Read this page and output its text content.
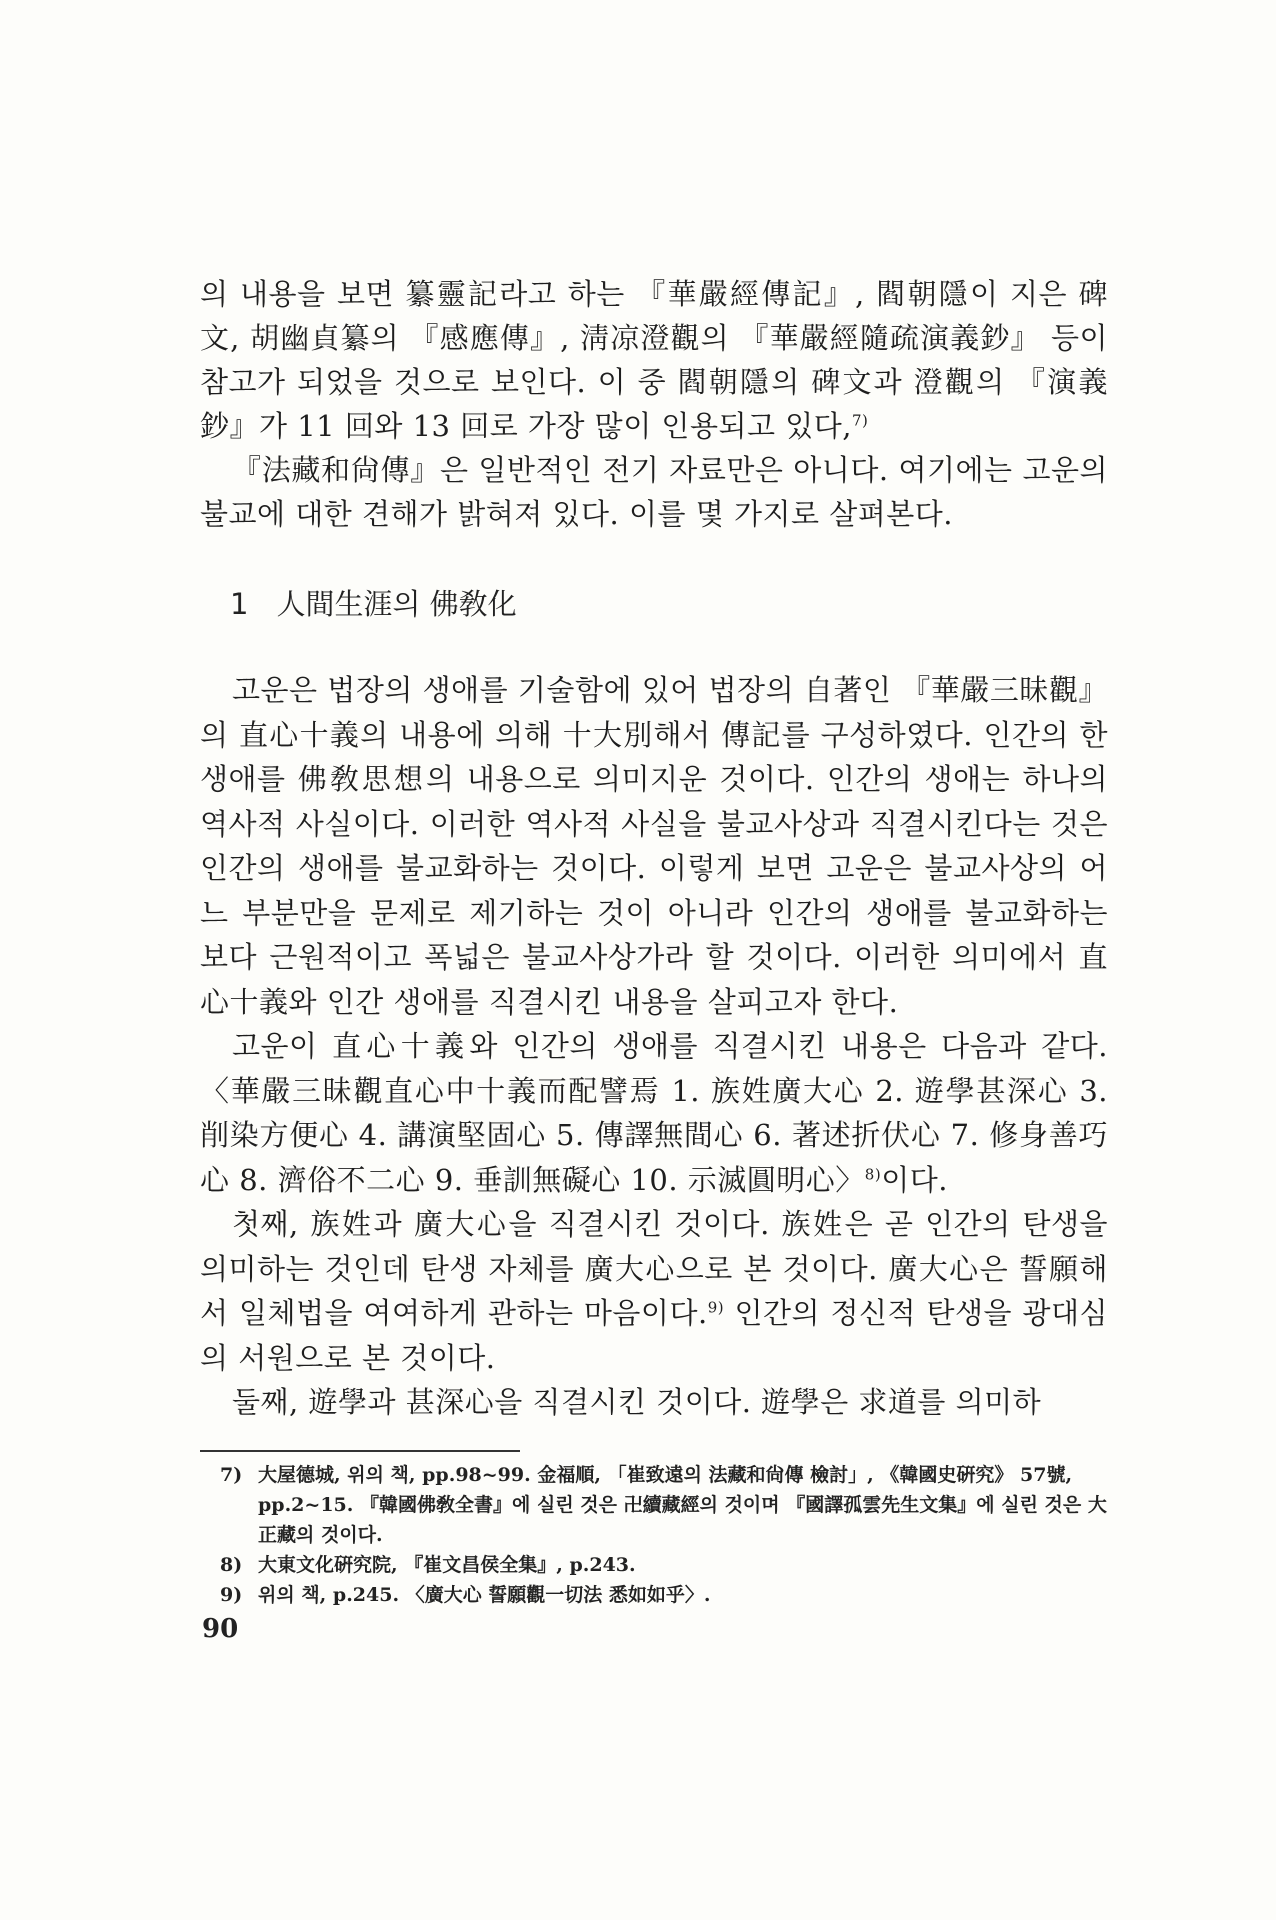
의 내용을 보면 纂靈記라고 하는 『華嚴經傳記』, 閻朝隱이 지은 碑文, 胡幽貞纂의 『感應傳』, 淸凉澄觀의 『華嚴經隨疏演義鈔』 등이 참고가 되었을 것으로 보인다. 이 중 閻朝隱의 碑文과 澄觀의 『演義鈔』가 11 回와 13 回로 가장 많이 인용되고 있다,$^{7)}$

『法藏和尙傳』은 일반적인 전기 자료만은 아니다. 여기에는 고운의 불교에 대한 견해가 밝혀져 있다. 이를 몇 가지로 살펴본다.

1 人間生涯의 佛敎化

고운은 법장의 생애를 기술함에 있어 법장의 自著인 『華嚴三昧觀』의 直心十義의 내용에 의해 十大別해서 傳記를 구성하였다. 인간의 한 생애를 佛敎思想의 내용으로 의미지운 것이다. 인간의 생애는 하나의 역사적 사실이다. 이러한 역사적 사실을 불교사상과 직결시킨다는 것은 인간의 생애를 불교화하는 것이다. 이렇게 보면 고운은 불교사상의 어느 부분만을 문제로 제기하는 것이 아니라 인간의 생애를 불교화하는 보다 근원적이고 폭넓은 불교사상가라 할 것이다. 이러한 의미에서 直心十義와 인간 생애를 직결시킨 내용을 살피고자 한다.

고운이 直心十義와 인간의 생애를 직결시킨 내용은 다음과 같다. 〈華嚴三昧觀直心中十義而配譬焉 1. 族姓廣大心 2. 遊學甚深心 3. 削染方便心 4. 講演堅固心 5. 傳譯無間心 6. 著述折伏心 7. 修身善巧心 8. 濟俗不二心 9. 垂訓無礙心 10. 示滅圓明心〉$^{8)}$이다.

첫째, 族姓과 廣大心을 직결시킨 것이다. 族姓은 곧 인간의 탄생을 의미하는 것인데 탄생 자체를 廣大心으로 본 것이다. 廣大心은 誓願해서 일체법을 여여하게 관하는 마음이다.$^{9)}$ 인간의 정신적 탄생을 광대심의 서원으로 본 것이다.

둘째, 遊學과 甚深心을 직결시킨 것이다. 遊學은 求道를 의미하

7) 大屋德城, 위의 책, pp.98~99. 金福順, 「崔致遠의 法藏和尙傳 檢討」, 《韓國史硏究》 57號, pp.2~15. 『韓國佛敎全書』에 실린 것은 卍續藏經의 것이며 『國譯孤雲先生文集』에 실린 것은 大正藏의 것이다.
8) 大東文化硏究院, 『崔文昌侯全集』, p.243.
9) 위의 책, p.245. 〈廣大心 誓願觀一切法 悉如如乎〉.
90
